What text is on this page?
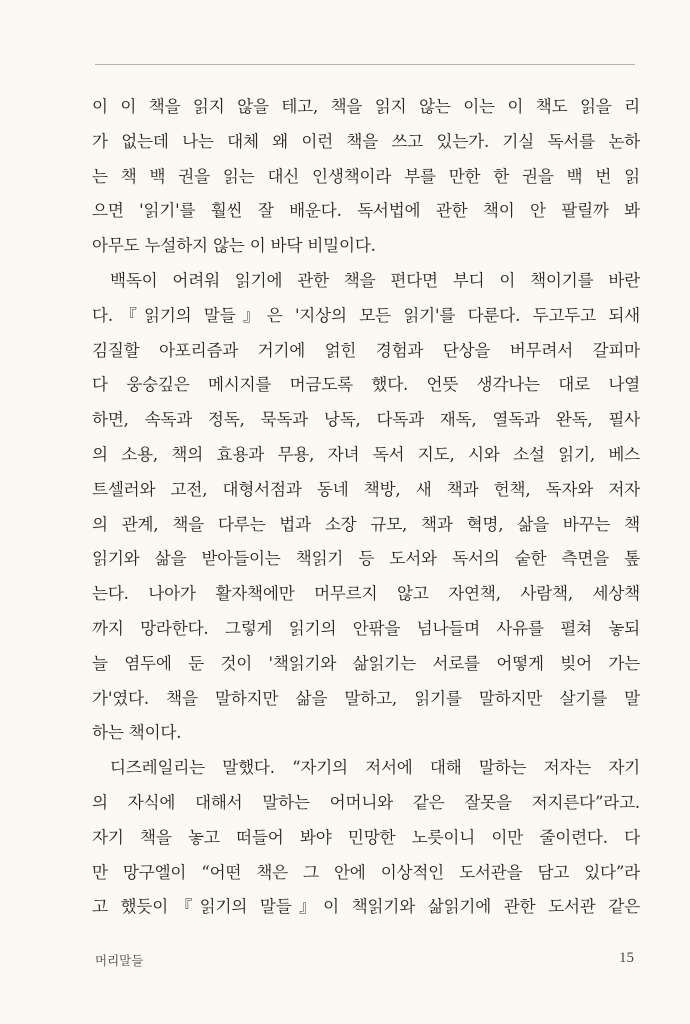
이 이 책을 읽지 않을 테고, 책을 읽지 않는 이는 이 책도 읽을 리
가 없는데 나는 대체 왜 이런 책을 쓰고 있는가. 기실 독서를 논하
는 책 백 권을 읽는 대신 인생책이라 부를 만한 한 권을 백 번 읽
으면 '읽기'를 훨씬 잘 배운다. 독서법에 관한 책이 안 팔릴까 봐
아무도 누설하지 않는 이 바닥 비밀이다.
백독이 어려워 읽기에 관한 책을 편다면 부디 이 책이기를 바란
다.『읽기의 말들』은 '지상의 모든 읽기'를 다룬다. 두고두고 되새
김질할 아포리즘과 거기에 얽힌 경험과 단상을 버무려서 갈피마
다 웅숭깊은 메시지를 머금도록 했다. 언뜻 생각나는 대로 나열
하면, 속독과 정독, 묵독과 낭독, 다독과 재독, 열독과 완독, 필사
의 소용, 책의 효용과 무용, 자녀 독서 지도, 시와 소설 읽기, 베스
트셀러와 고전, 대형서점과 동네 책방, 새 책과 헌책, 독자와 저자
의 관계, 책을 다루는 법과 소장 규모, 책과 혁명, 삶을 바꾸는 책
읽기와 삶을 받아들이는 책읽기 등 도서와 독서의 숱한 측면을 톺
는다. 나아가 활자책에만 머무르지 않고 자연책, 사람책, 세상책
까지 망라한다. 그렇게 읽기의 안팎을 넘나들며 사유를 펼쳐 놓되
늘 염두에 둔 것이 '책읽기와 삶읽기는 서로를 어떻게 빚어 가는
가'였다. 책을 말하지만 삶을 말하고, 읽기를 말하지만 살기를 말
하는 책이다.
디즈레일리는 말했다. “자기의 저서에 대해 말하는 저자는 자기
의 자식에 대해서 말하는 어머니와 같은 잘못을 저지른다”라고.
자기 책을 놓고 떠들어 봐야 민망한 노릇이니 이만 줄이련다. 다
만 망구엘이 “어떤 책은 그 안에 이상적인 도서관을 담고 있다”라
고 했듯이『읽기의 말들』이 책읽기와 삶읽기에 관한 도서관 같은
머리말들	15
